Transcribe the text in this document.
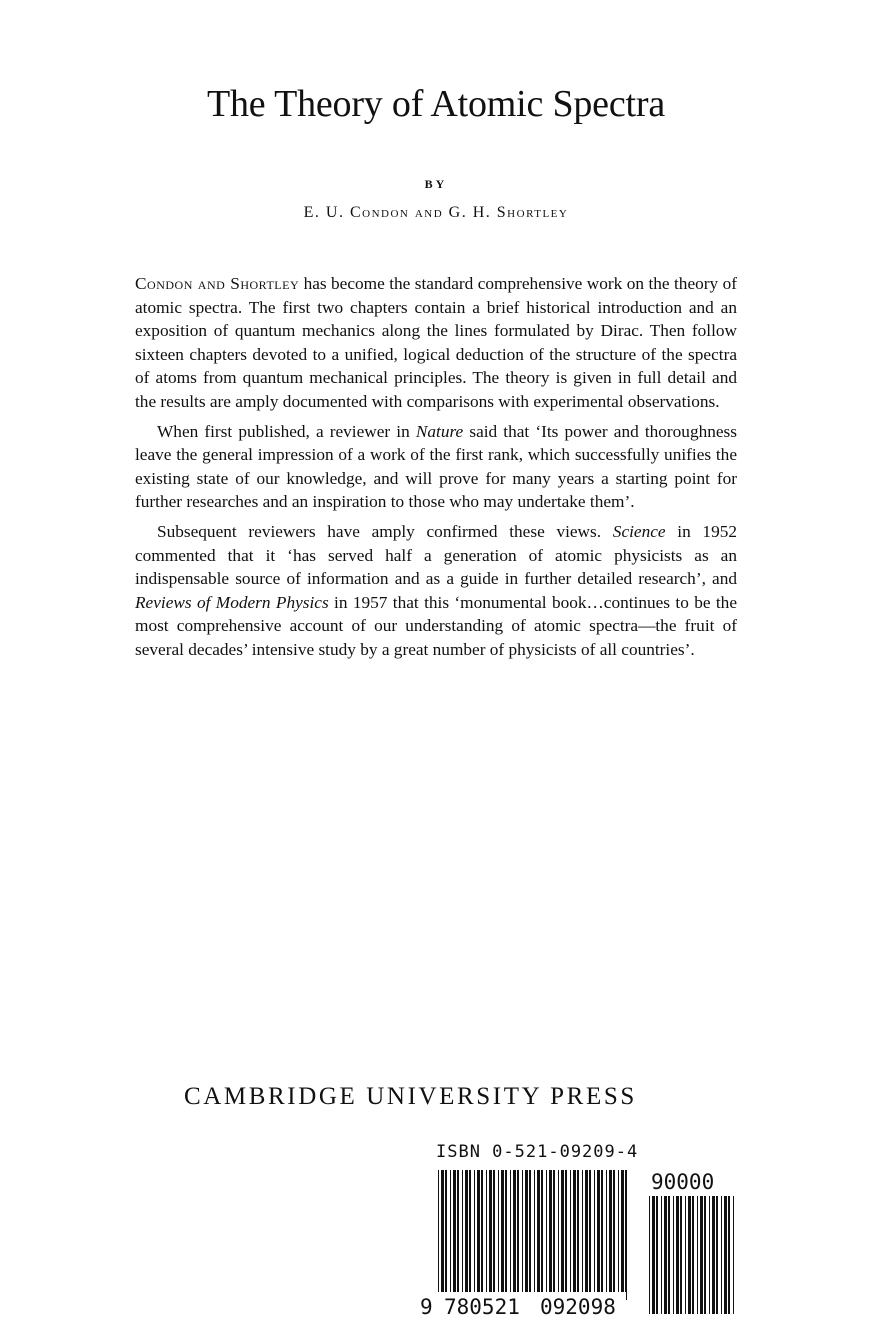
The Theory of Atomic Spectra
BY
E. U. Condon and G. H. Shortley

Condon and Shortley has become the standard comprehensive work on the theory of atomic spectra. The first two chapters contain a brief historical introduction and an exposition of quantum mechanics along the lines formulated by Dirac. Then follow sixteen chapters devoted to a unified, logical deduction of the structure of the spectra of atoms from quantum mechanical principles. The theory is given in full detail and the results are amply documented with comparisons with experimental observations.

When first published, a reviewer in Nature said that ‘Its power and thoroughness leave the general impression of a work of the first rank, which successfully unifies the existing state of our knowledge, and will prove for many years a starting point for further researches and an inspiration to those who may undertake them’.

Subsequent reviewers have amply confirmed these views. Science in 1952 commented that it ‘has served half a generation of atomic physicists as an indispensable source of information and as a guide in further detailed research’, and Reviews of Modern Physics in 1957 that this ‘monumental book…continues to be the most comprehensive account of our understanding of atomic spectra—the fruit of several decades’ intensive study by a great number of physicists of all countries’.

CAMBRIDGE UNIVERSITY PRESS
ISBN 0-521-09209-4
9 780521 092098
90000
